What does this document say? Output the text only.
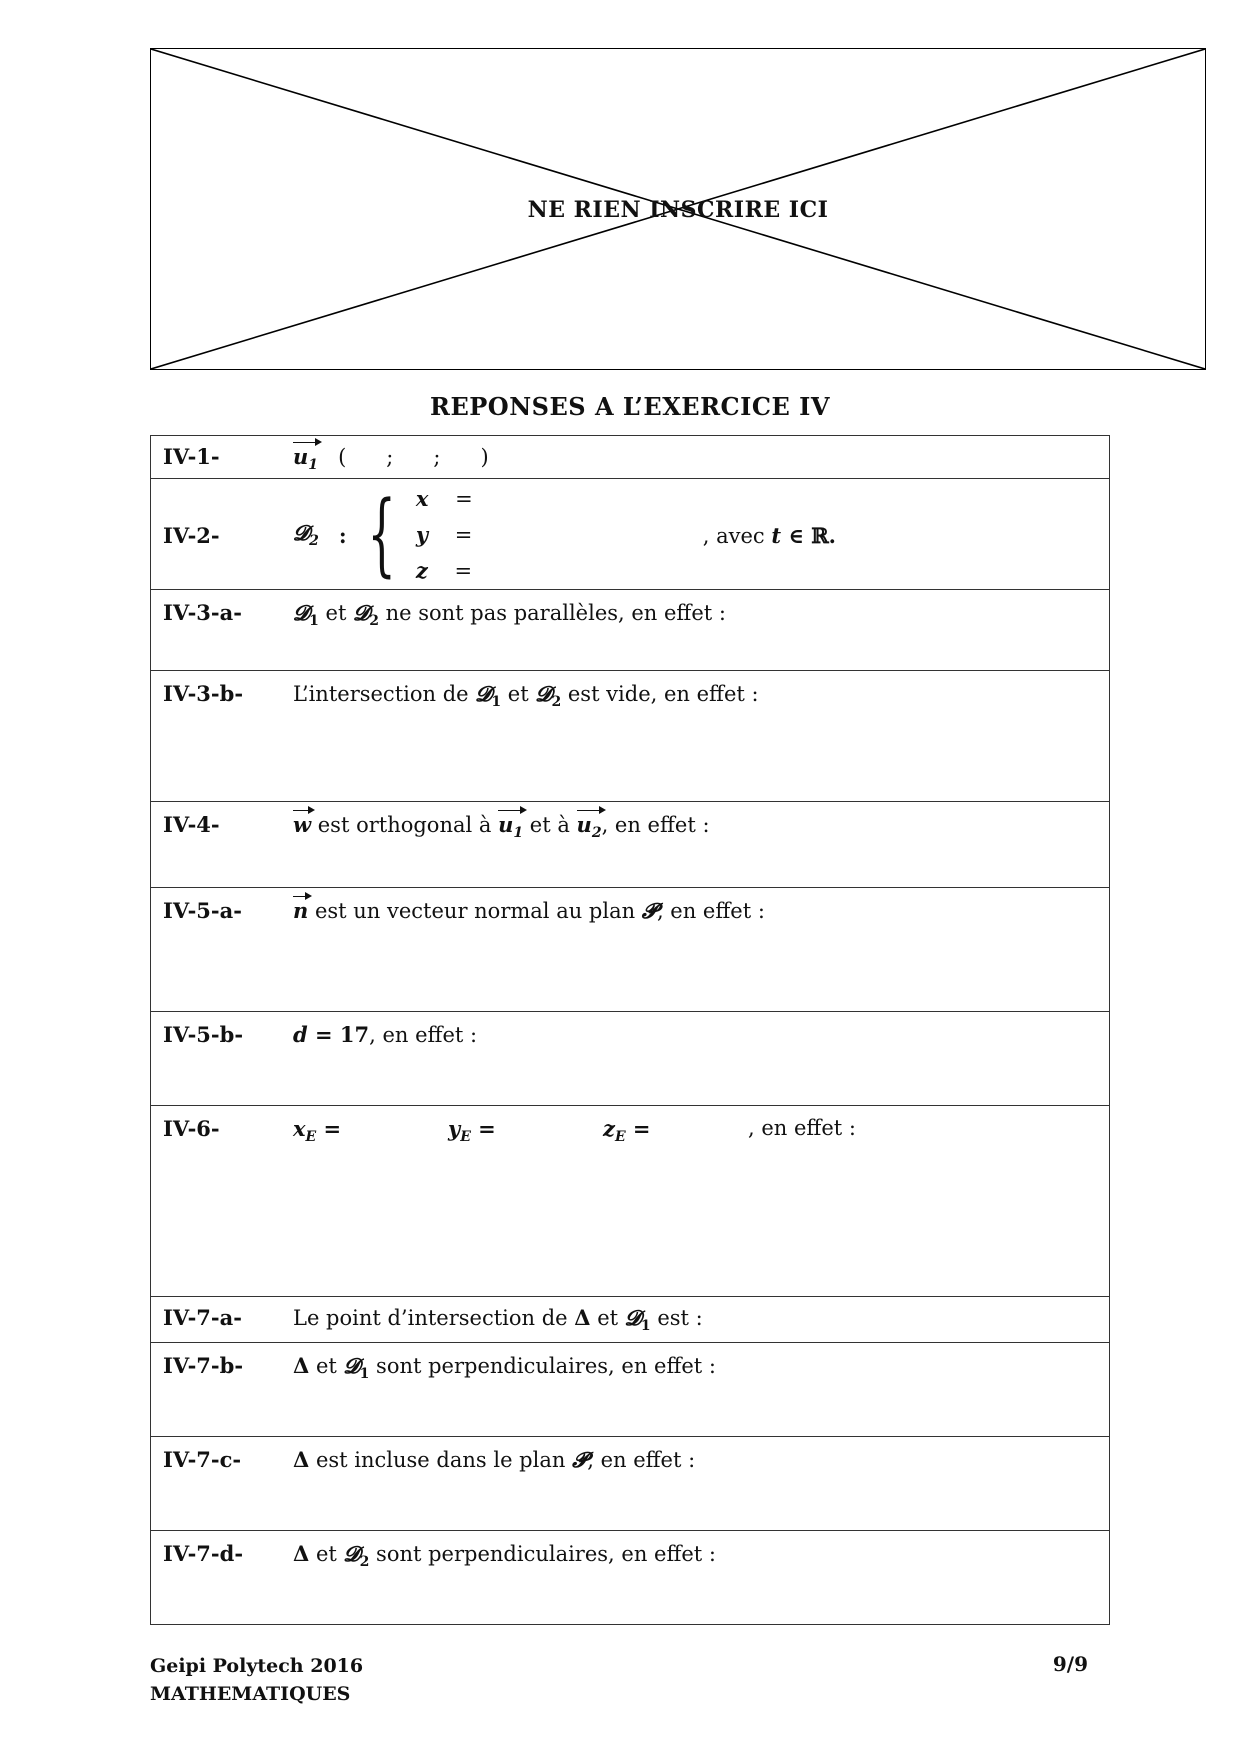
NE RIEN INSCRIRE ICI
REPONSES A L’EXERCICE IV
IV-1-	$u_1$ (      ;      ;      )

IV-2-	𝓓$_2$ : { x =
y =
z =
, avec t ∈ ℝ.

IV-3-a-	𝓓$_1$ et 𝓓$_2$ ne sont pas parallèles, en effet :

IV-3-b-	L’intersection de 𝓓$_1$ et 𝓓$_2$ est vide, en effet :

IV-4-	w est orthogonal à $u_1$ et à $u_2$, en effet :

IV-5-a-	n est un vecteur normal au plan 𝓟, en effet :

IV-5-b-	d = 17, en effet :

IV-6-	$x_E$ =	$y_E$ =	$z_E$ =	, en effet :

IV-7-a-	Le point d’intersection de Δ et 𝓓$_1$ est :

IV-7-b-	Δ et 𝓓$_1$ sont perpendiculaires, en effet :

IV-7-c-	Δ est incluse dans le plan 𝓟, en effet :

IV-7-d-	Δ et 𝓓$_2$ sont perpendiculaires, en effet :
Geipi Polytech 2016
MATHEMATIQUES
9/9
